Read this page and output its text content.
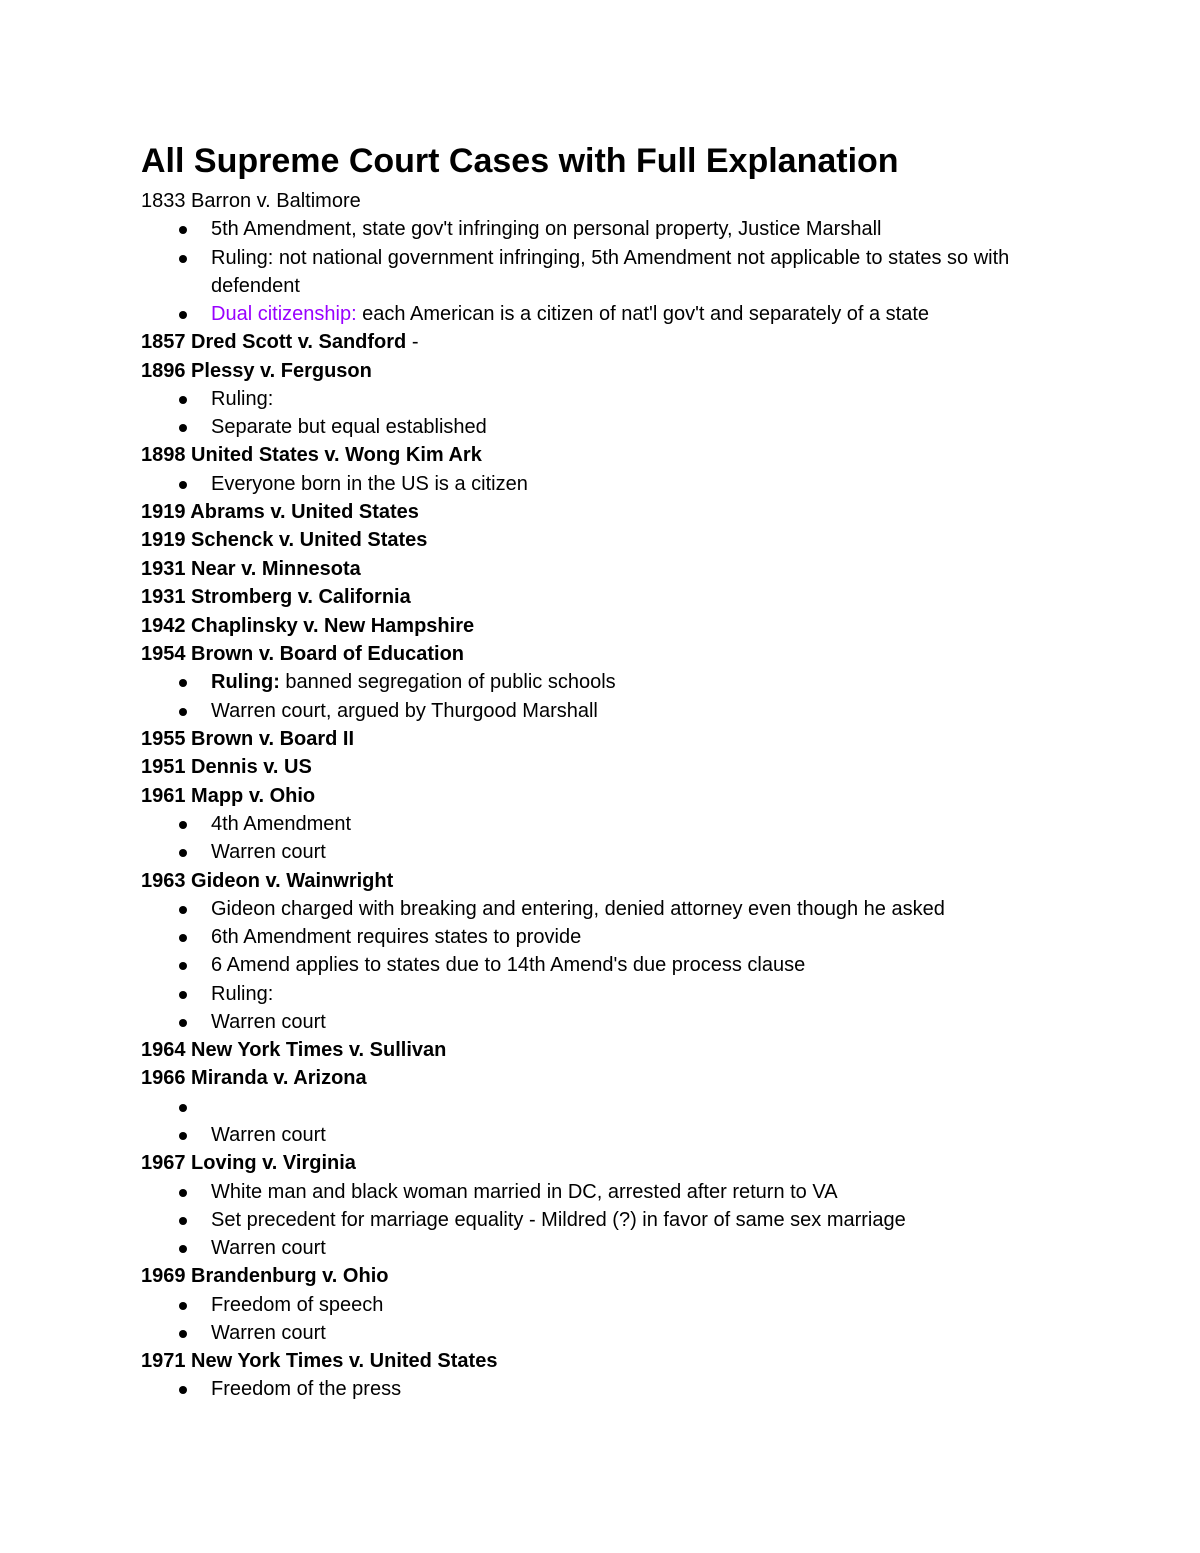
All Supreme Court Cases with Full Explanation

1833 Barron v. Baltimore

5th Amendment, state gov't infringing on personal property, Justice Marshall
Ruling: not national government infringing, 5th Amendment not applicable to states so with defendent
Dual citizenship: each American is a citizen of nat'l gov't and separately of a state

1857 Dred Scott v. Sandford -

1896 Plessy v. Ferguson

Ruling:
Separate but equal established

1898 United States v. Wong Kim Ark

Everyone born in the US is a citizen

1919 Abrams v. United States

1919 Schenck v. United States

1931 Near v. Minnesota

1931 Stromberg v. California

1942 Chaplinsky v. New Hampshire

1954 Brown v. Board of Education

Ruling: banned segregation of public schools
Warren court, argued by Thurgood Marshall

1955 Brown v. Board II

1951 Dennis v. US

1961 Mapp v. Ohio

4th Amendment
Warren court

1963 Gideon v. Wainwright

Gideon charged with breaking and entering, denied attorney even though he asked
6th Amendment requires states to provide
6 Amend applies to states due to 14th Amend's due process clause
Ruling:
Warren court

1964 New York Times v. Sullivan

1966 Miranda v. Arizona

Warren court

1967 Loving v. Virginia

White man and black woman married in DC, arrested after return to VA
Set precedent for marriage equality - Mildred (?) in favor of same sex marriage
Warren court

1969 Brandenburg v. Ohio

Freedom of speech
Warren court

1971 New York Times v. United States

Freedom of the press
